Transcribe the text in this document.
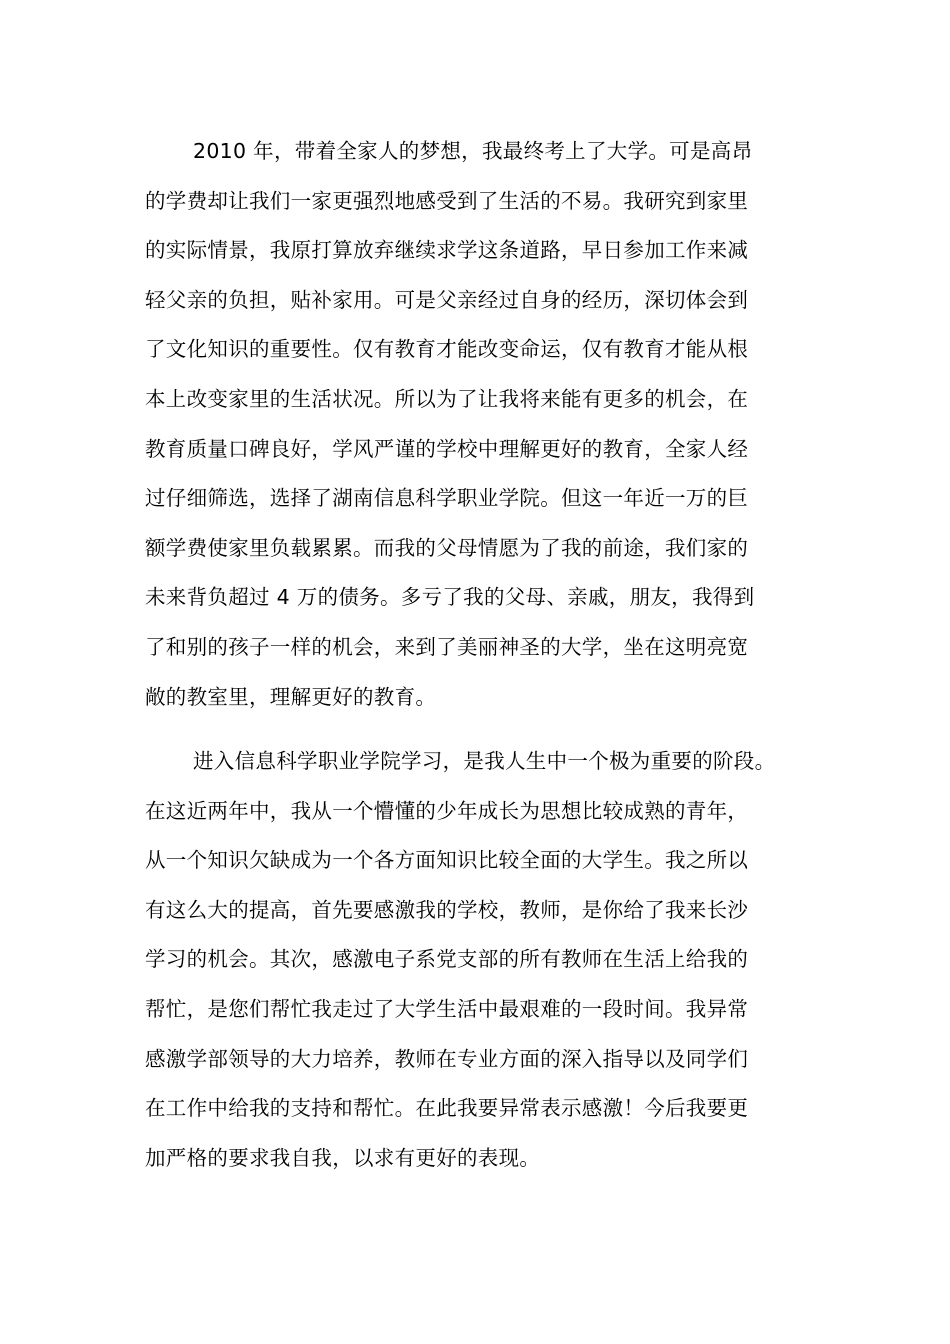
2010 年，带着全家人的梦想，我最终考上了大学。可是高昂
的学费却让我们一家更强烈地感受到了生活的不易。我研究到家里
的实际情景，我原打算放弃继续求学这条道路，早日参加工作来减
轻父亲的负担，贴补家用。可是父亲经过自身的经历，深切体会到
了文化知识的重要性。仅有教育才能改变命运，仅有教育才能从根
本上改变家里的生活状况。所以为了让我将来能有更多的机会，在
教育质量口碑良好，学风严谨的学校中理解更好的教育，全家人经
过仔细筛选，选择了湖南信息科学职业学院。但这一年近一万的巨
额学费使家里负载累累。而我的父母情愿为了我的前途，我们家的
未来背负超过 4 万的债务。多亏了我的父母、亲戚，朋友，我得到
了和别的孩子一样的机会，来到了美丽神圣的大学，坐在这明亮宽
敞的教室里，理解更好的教育。

进入信息科学职业学院学习，是我人生中一个极为重要的阶段。
在这近两年中，我从一个懵懂的少年成长为思想比较成熟的青年，
从一个知识欠缺成为一个各方面知识比较全面的大学生。我之所以
有这么大的提高，首先要感激我的学校，教师，是你给了我来长沙
学习的机会。其次，感激电子系党支部的所有教师在生活上给我的
帮忙，是您们帮忙我走过了大学生活中最艰难的一段时间。我异常
感激学部领导的大力培养，教师在专业方面的深入指导以及同学们
在工作中给我的支持和帮忙。在此我要异常表示感激！今后我要更
加严格的要求我自我，以求有更好的表现。
